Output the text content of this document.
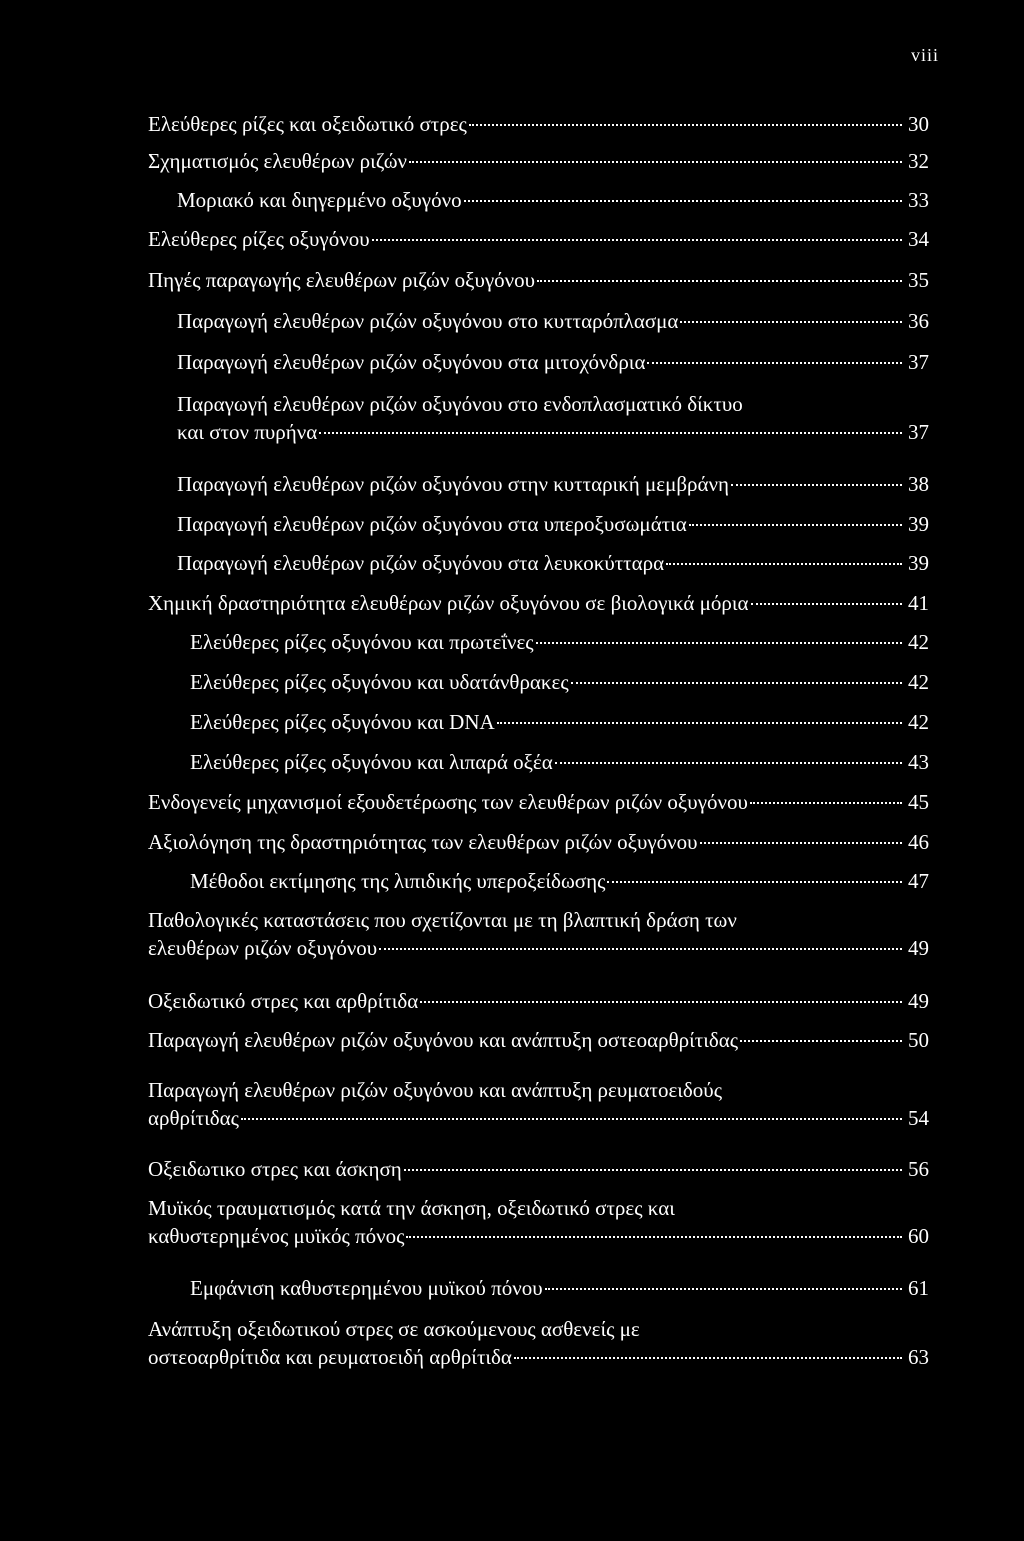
viii
Ελεύθερες ρίζες και οξειδωτικό στρες	30
Σχηματισμός ελευθέρων ριζών	32
Μοριακό και διηγερμένο οξυγόνο	33
Ελεύθερες ρίζες οξυγόνου	34
Πηγές παραγωγής ελευθέρων ριζών οξυγόνου	35
Παραγωγή ελευθέρων ριζών οξυγόνου στο κυτταρόπλασμα	36
Παραγωγή ελευθέρων ριζών οξυγόνου στα μιτοχόνδρια	37
Παραγωγή ελευθέρων ριζών οξυγόνου στο ενδοπλασματικό δίκτυο
και στον πυρήνα	37
Παραγωγή ελευθέρων ριζών οξυγόνου στην κυτταρική μεμβράνη	38
Παραγωγή ελευθέρων ριζών οξυγόνου στα υπεροξυσωμάτια	39
Παραγωγή ελευθέρων ριζών οξυγόνου στα λευκοκύτταρα	39
Χημική δραστηριότητα ελευθέρων ριζών οξυγόνου σε βιολογικά μόρια	41
Ελεύθερες ρίζες οξυγόνου και πρωτεΐνες	42
Ελεύθερες ρίζες οξυγόνου και υδατάνθρακες	42
Ελεύθερες ρίζες οξυγόνου και DNA	42
Ελεύθερες ρίζες οξυγόνου και λιπαρά οξέα	43
Ενδογενείς μηχανισμοί εξουδετέρωσης των ελευθέρων ριζών οξυγόνου	45
Αξιολόγηση της δραστηριότητας των ελευθέρων ριζών οξυγόνου	46
Μέθοδοι εκτίμησης της λιπιδικής υπεροξείδωσης	47
Παθολογικές καταστάσεις που σχετίζονται με τη βλαπτική δράση των
ελευθέρων ριζών οξυγόνου	49
Οξειδωτικό στρες και αρθρίτιδα	49
Παραγωγή ελευθέρων ριζών οξυγόνου και ανάπτυξη οστεοαρθρίτιδας	50
Παραγωγή ελευθέρων ριζών οξυγόνου και ανάπτυξη ρευματοειδούς
αρθρίτιδας	54
Οξειδωτικο στρες και άσκηση	56
Μυϊκός τραυματισμός κατά την άσκηση, οξειδωτικό στρες και
καθυστερημένος μυϊκός πόνος	60
Εμφάνιση καθυστερημένου μυϊκού πόνου	61
Ανάπτυξη οξειδωτικού στρες σε ασκούμενους ασθενείς με
οστεοαρθρίτιδα και ρευματοειδή αρθρίτιδα	63
